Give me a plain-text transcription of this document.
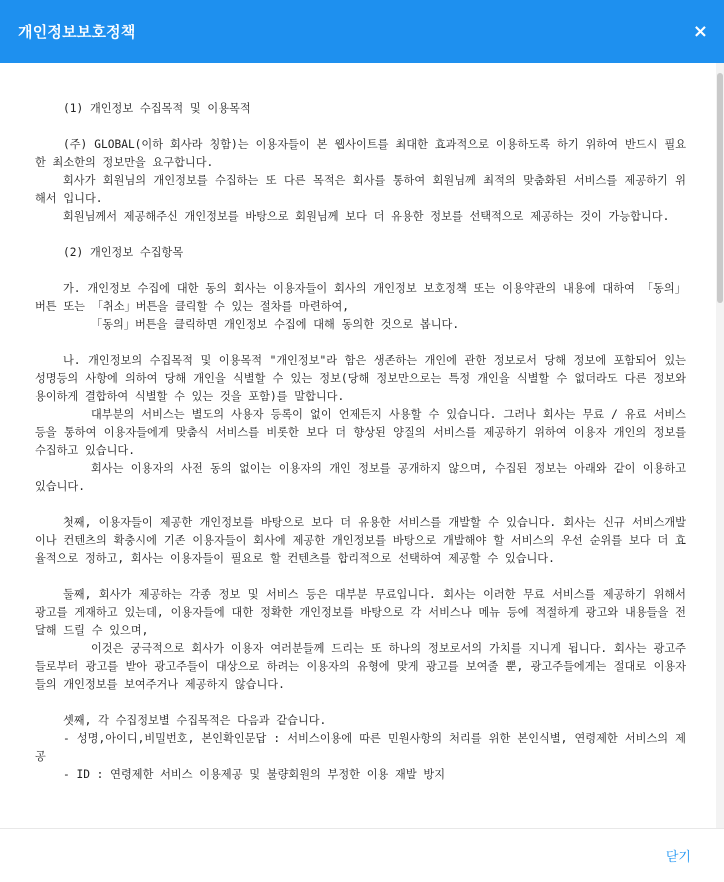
개인정보보호정책	×

(1) 개인정보 수집목적 및 이용목적

(주) GLOBAL(이하 회사라 칭함)는 이용자들이 본 웹사이트를 최대한 효과적으로 이용하도록 하기 위하여 반드시 필요한 최소한의 정보만을 요구합니다.

회사가 회원님의 개인정보를 수집하는 또 다른 목적은 회사를 통하여 회원님께 최적의 맞춤화된 서비스를 제공하기 위해서 입니다.

회원님께서 제공해주신 개인정보를 바탕으로 회원님께 보다 더 유용한 정보를 선택적으로 제공하는 것이 가능합니다.

(2) 개인정보 수집항목

가. 개인정보 수집에 대한 동의 회사는 이용자들이 회사의 개인정보 보호정책 또는 이용약관의 내용에 대하여 「동의」버튼 또는 「취소」버튼을 클릭할 수 있는 절차를 마련하여,

「동의」버튼을 클릭하면 개인정보 수집에 대해 동의한 것으로 봅니다.

나. 개인정보의 수집목적 및 이용목적 "개인정보"라 함은 생존하는 개인에 관한 정보로서 당해 정보에 포함되어 있는 성명등의 사항에 의하여 당해 개인을 식별할 수 있는 정보(당해 정보만으로는 특정 개인을 식별할 수 없더라도 다른 정보와 용이하게 결합하여 식별할 수 있는 것을 포함)를 말합니다.

대부분의 서비스는 별도의 사용자 등록이 없이 언제든지 사용할 수 있습니다. 그러나 회사는 무료 / 유료 서비스 등을 통하여 이용자들에게 맞춤식 서비스를 비롯한 보다 더 향상된 양질의 서비스를 제공하기 위하여 이용자 개인의 정보를 수집하고 있습니다.

회사는 이용자의 사전 동의 없이는 이용자의 개인 정보를 공개하지 않으며, 수집된 정보는 아래와 같이 이용하고 있습니다.

첫째, 이용자들이 제공한 개인정보를 바탕으로 보다 더 유용한 서비스를 개발할 수 있습니다. 회사는 신규 서비스개발이나 컨텐츠의 확충시에 기존 이용자들이 회사에 제공한 개인정보를 바탕으로 개발해야 할 서비스의 우선 순위를 보다 더 효율적으로 정하고, 회사는 이용자들이 필요로 할 컨텐츠를 합리적으로 선택하여 제공할 수 있습니다.

둘째, 회사가 제공하는 각종 정보 및 서비스 등은 대부분 무료입니다. 회사는 이러한 무료 서비스를 제공하기 위해서 광고를 게재하고 있는데, 이용자들에 대한 정확한 개인정보를 바탕으로 각 서비스나 메뉴 등에 적절하게 광고와 내용들을 전달해 드릴 수 있으며,

이것은 궁극적으로 회사가 이용자 여러분들께 드리는 또 하나의 정보로서의 가치를 지니게 됩니다. 회사는 광고주들로부터 광고를 받아 광고주들이 대상으로 하려는 이용자의 유형에 맞게 광고를 보여줄 뿐, 광고주들에게는 절대로 이용자들의 개인정보를 보여주거나 제공하지 않습니다.

셋째, 각 수집정보별 수집목적은 다음과 같습니다.

- 성명,아이디,비밀번호, 본인확인문답 : 서비스이용에 따른 민원사항의 처리를 위한 본인식별, 연령제한 서비스의 제공

- ID : 연령제한 서비스 이용제공 및 불량회원의 부정한 이용 재발 방지

닫기
